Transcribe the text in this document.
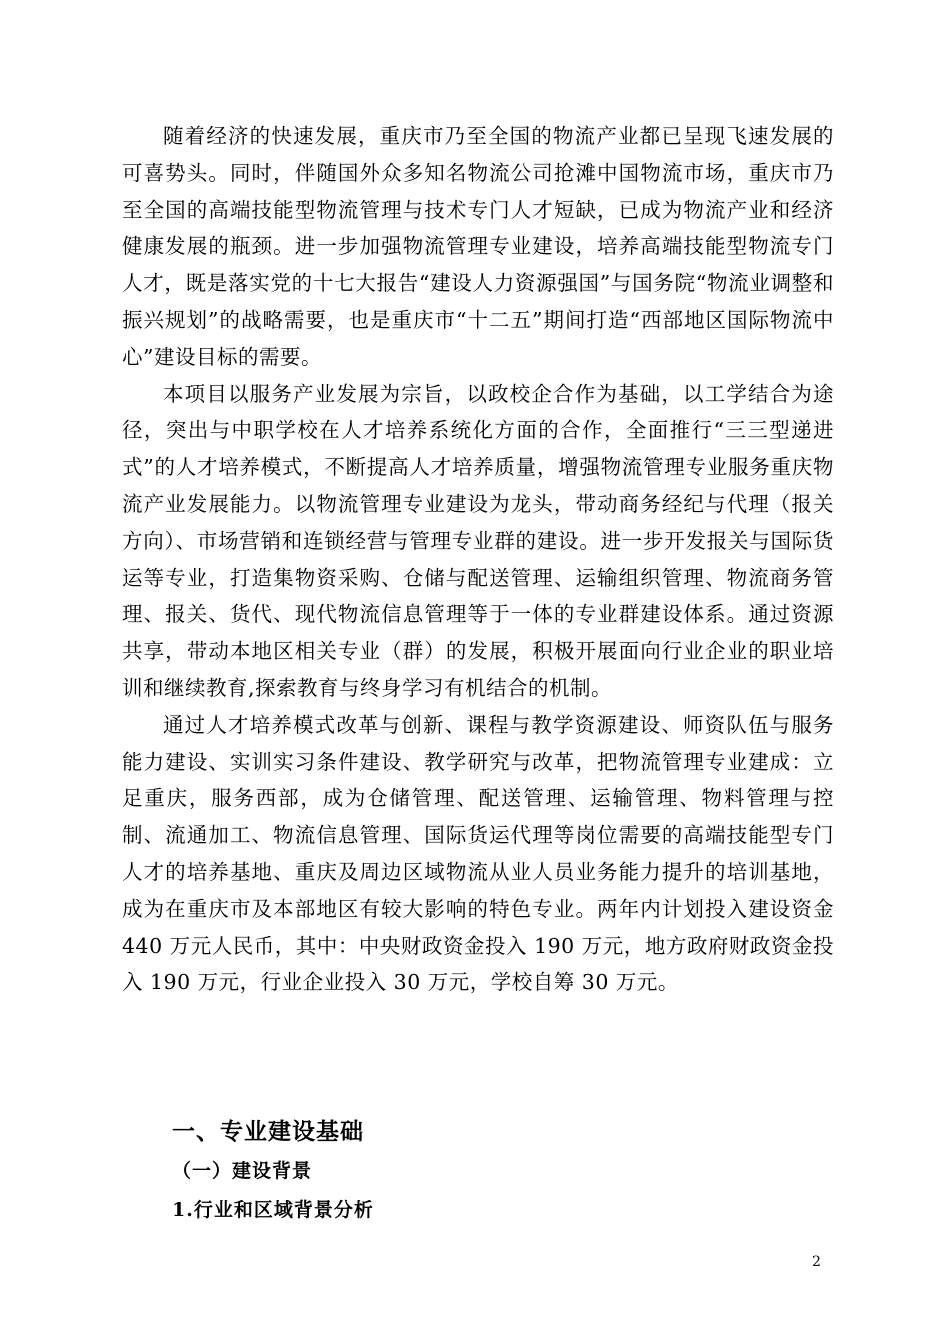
随着经济的快速发展，重庆市乃至全国的物流产业都已呈现飞速发展的可喜势头。同时，伴随国外众多知名物流公司抢滩中国物流市场，重庆市乃至全国的高端技能型物流管理与技术专门人才短缺，已成为物流产业和经济健康发展的瓶颈。进一步加强物流管理专业建设，培养高端技能型物流专门人才，既是落实党的十七大报告“建设人力资源强国”与国务院“物流业调整和振兴规划”的战略需要，也是重庆市“十二五”期间打造“西部地区国际物流中心”建设目标的需要。

本项目以服务产业发展为宗旨，以政校企合作为基础，以工学结合为途径，突出与中职学校在人才培养系统化方面的合作，全面推行“三三型递进式”的人才培养模式，不断提高人才培养质量，增强物流管理专业服务重庆物流产业发展能力。以物流管理专业建设为龙头，带动商务经纪与代理（报关方向）、市场营销和连锁经营与管理专业群的建设。进一步开发报关与国际货运等专业，打造集物资采购、仓储与配送管理、运输组织管理、物流商务管理、报关、货代、现代物流信息管理等于一体的专业群建设体系。通过资源共享，带动本地区相关专业（群）的发展，积极开展面向行业企业的职业培训和继续教育,探索教育与终身学习有机结合的机制。

通过人才培养模式改革与创新、课程与教学资源建设、师资队伍与服务能力建设、实训实习条件建设、教学研究与改革，把物流管理专业建成：立足重庆，服务西部，成为仓储管理、配送管理、运输管理、物料管理与控制、流通加工、物流信息管理、国际货运代理等岗位需要的高端技能型专门人才的培养基地、重庆及周边区域物流从业人员业务能力提升的培训基地，成为在重庆市及本部地区有较大影响的特色专业。两年内计划投入建设资金 440 万元人民币，其中：中央财政资金投入 190 万元，地方政府财政资金投入 190 万元，行业企业投入 30 万元，学校自筹 30 万元。

一、专业建设基础
（一）建设背景
1.行业和区域背景分析
2
